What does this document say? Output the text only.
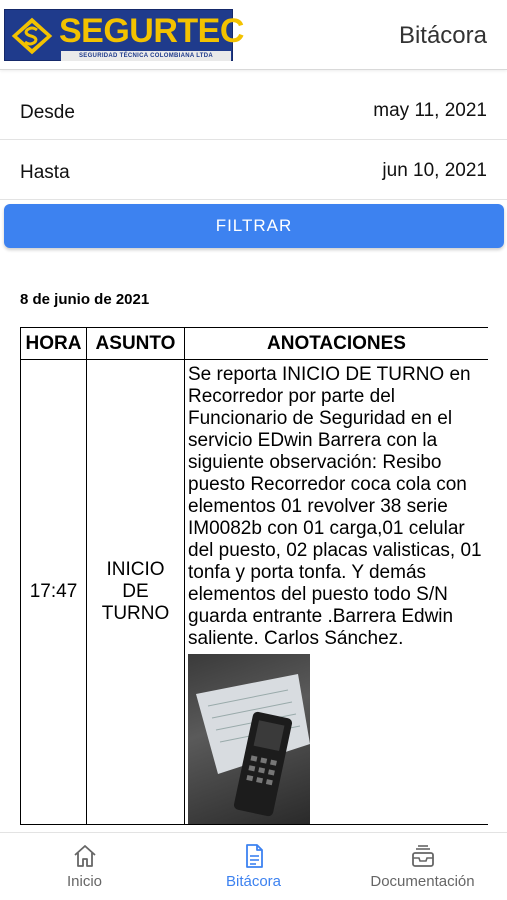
SEGURTEC
SEGURIDAD TÉCNICA COLOMBIANA LTDA
Bitácora
Desde	may 11, 2021
Hasta	jun 10, 2021
FILTRAR
8 de junio de 2021
HORA	ASUNTO	ANOTACIONES
17:47	INICIO DE TURNO	Se reporta INICIO DE TURNO en Recorredor por parte del Funcionario de Seguridad en el servicio EDwin Barrera con la siguiente observación: Resibo puesto Recorredor coca cola con elementos 01 revolver 38 serie IM0082b con 01 carga,01 celular del puesto, 02 placas valisticas, 01 tonfa y porta tonfa. Y demás elementos del puesto todo S/N guarda entrante .Barrera Edwin saliente. Carlos Sánchez.
Inicio	Bitácora	Documentación
